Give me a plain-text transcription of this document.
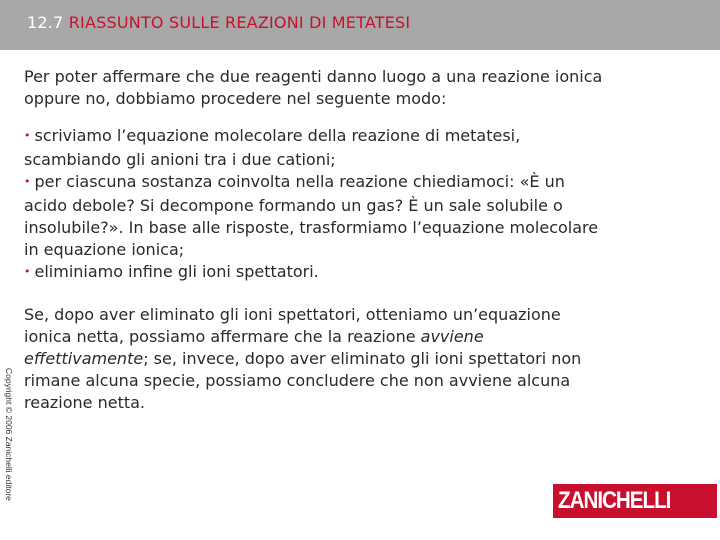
12.7 RIASSUNTO SULLE REAZIONI DI METATESI
Per poter affermare che due reagenti danno luogo a una reazione ionica
oppure no, dobbiamo procedere nel seguente modo:
• scriviamo l’equazione molecolare della reazione di metatesi,
scambiando gli anioni tra i due cationi;
• per ciascuna sostanza coinvolta nella reazione chiediamoci: «È un
acido debole? Si decompone formando un gas? È un sale solubile o
insolubile?». In base alle risposte, trasformiamo l’equazione molecolare
in equazione ionica;
• eliminiamo infine gli ioni spettatori.
Se, dopo aver eliminato gli ioni spettatori, otteniamo un’equazione
ionica netta, possiamo affermare che la reazione avviene
effettivamente; se, invece, dopo aver eliminato gli ioni spettatori non
rimane alcuna specie, possiamo concludere che non avviene alcuna
reazione netta.
Copyright © 2006 Zanichelli editore	ZANICHELLI
